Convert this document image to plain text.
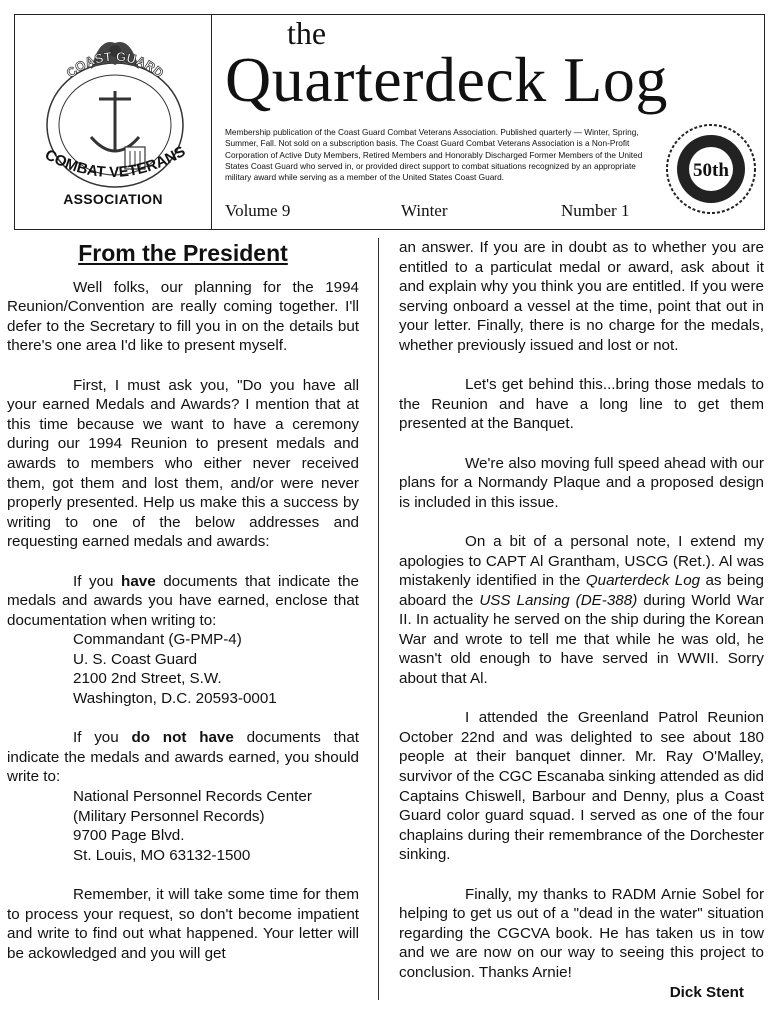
COAST GUARD
COMBAT VETERANS
ASSOCIATION
the
Quarterdeck Log
Membership publication of the Coast Guard Combat Veterans Association. Published quarterly — Winter, Spring, Summer, Fall. Not sold on a subscription basis. The Coast Guard Combat Veterans Association is a Non-Profit Corporation of Active Duty Members, Retired Members and Honorably Discharged Former Members of the United States Coast Guard who served in, or provided direct support to combat situations recognized by an appropriate military award while serving as a member of the United States Coast Guard.
Volume 9	Winter	Number 1
50th
From the President

Well folks, our planning for the 1994 Reunion/Convention are really coming together. I'll defer to the Secretary to fill you in on the details but there's one area I'd like to present myself.

First, I must ask you, "Do you have all your earned Medals and Awards? I mention that at this time because we want to have a ceremony during our 1994 Reunion to present medals and awards to members who either never received them, got them and lost them, and/or were never properly presented. Help us make this a success by writing to one of the below addresses and requesting earned medals and awards:

If you have documents that indicate the medals and awards you have earned, enclose that documentation when writing to:

Commandant (G-PMP-4)
U. S. Coast Guard
2100 2nd Street, S.W.
Washington, D.C. 20593-0001

If you do not have documents that indicate the medals and awards earned, you should write to:

National Personnel Records Center
(Military Personnel Records)
9700 Page Blvd.
St. Louis, MO 63132-1500

Remember, it will take some time for them to process your request, so don't become impatient and write to find out what happened. Your letter will be ackowledged and you will get

an answer. If you are in doubt as to whether you are entitled to a particulat medal or award, ask about it and explain why you think you are entitled. If you were serving onboard a vessel at the time, point that out in your letter. Finally, there is no charge for the medals, whether previously issued and lost or not.

Let's get behind this...bring those medals to the Reunion and have a long line to get them presented at the Banquet.

We're also moving full speed ahead with our plans for a Normandy Plaque and a proposed design is included in this issue.

On a bit of a personal note, I extend my apologies to CAPT Al Grantham, USCG (Ret.). Al was mistakenly identified in the Quarterdeck Log as being aboard the USS Lansing (DE-388) during World War II. In actuality he served on the ship during the Korean War and wrote to tell me that while he was old, he wasn't old enough to have served in WWII. Sorry about that Al.

I attended the Greenland Patrol Reunion October 22nd and was delighted to see about 180 people at their banquet dinner. Mr. Ray O'Malley, survivor of the CGC Escanaba sinking attended as did Captains Chiswell, Barbour and Denny, plus a Coast Guard color guard squad. I served as one of the four chaplains during their remembrance of the Dorchester sinking.

Finally, my thanks to RADM Arnie Sobel for helping to get us out of a "dead in the water" situation regarding the CGCVA book. He has taken us in tow and we are now on our way to seeing this project to conclusion. Thanks Arnie!

Dick Stent
